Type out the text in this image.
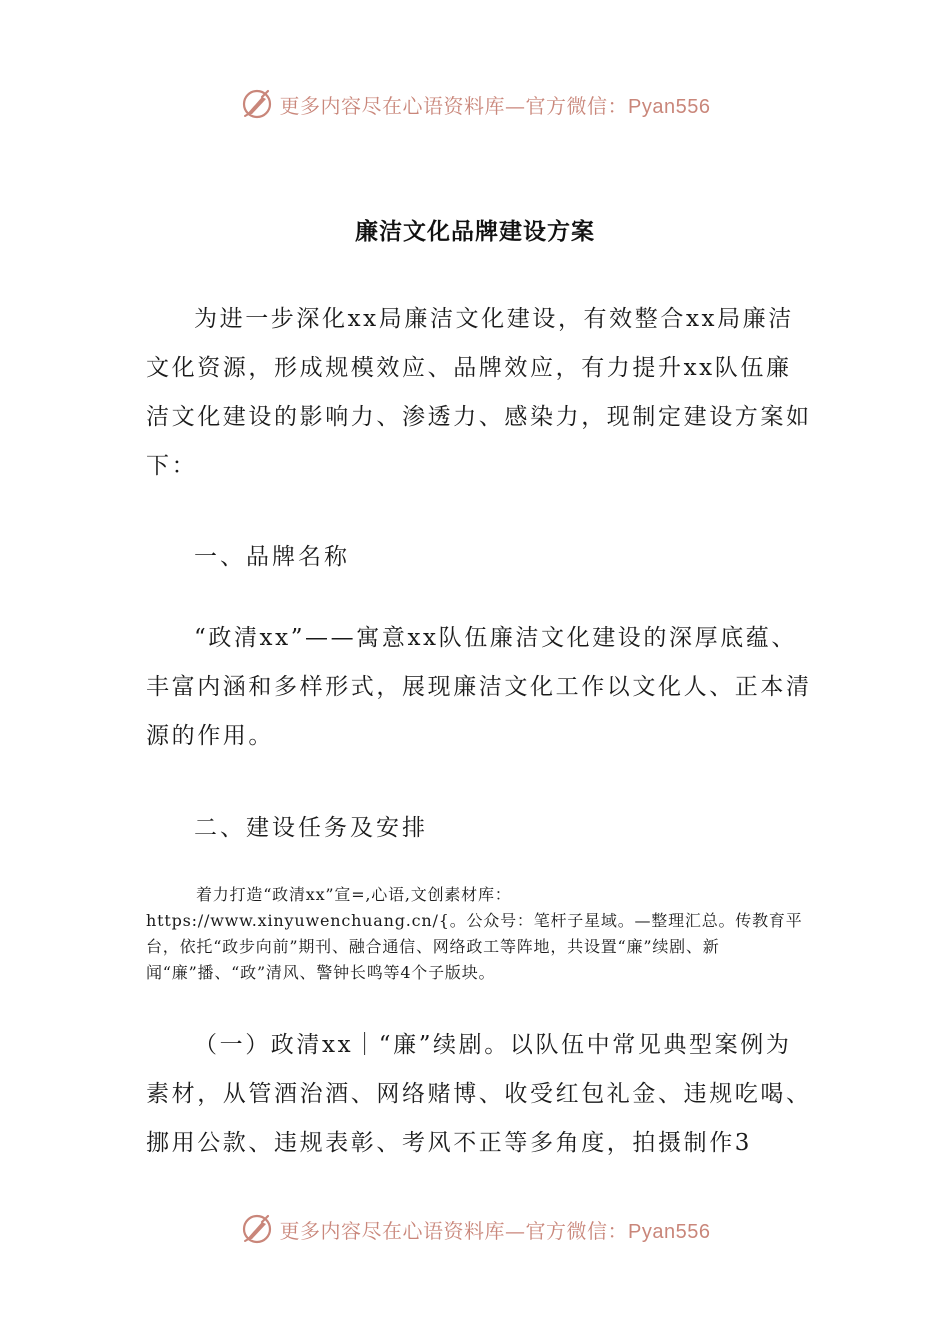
更多内容尽在心语资料库—官方微信：Pyan556
廉洁文化品牌建设方案

为进一步深化xx局廉洁文化建设，有效整合xx局廉洁文化资源，形成规模效应、品牌效应，有力提升xx队伍廉洁文化建设的影响力、渗透力、感染力，现制定建设方案如下：

一、品牌名称

“政清xx”——寓意xx队伍廉洁文化建设的深厚底蕴、丰富内涵和多样形式，展现廉洁文化工作以文化人、正本清源的作用。

二、建设任务及安排

着力打造“政清xx”宣=,心语,文创素材库：https://www.xinyuwenchuang.cn/{。公众号：笔杆子星域。—整理汇总。传教育平台，依托“政步向前”期刊、融合通信、网络政工等阵地，共设置“廉”续剧、新闻“廉”播、“政”清风、警钟长鸣等4个子版块。

（一）政清xx｜“廉”续剧。以队伍中常见典型案例为素材，从管酒治酒、网络赌博、收受红包礼金、违规吃喝、挪用公款、违规表彰、考风不正等多角度，拍摄制作3

更多内容尽在心语资料库—官方微信：Pyan556
